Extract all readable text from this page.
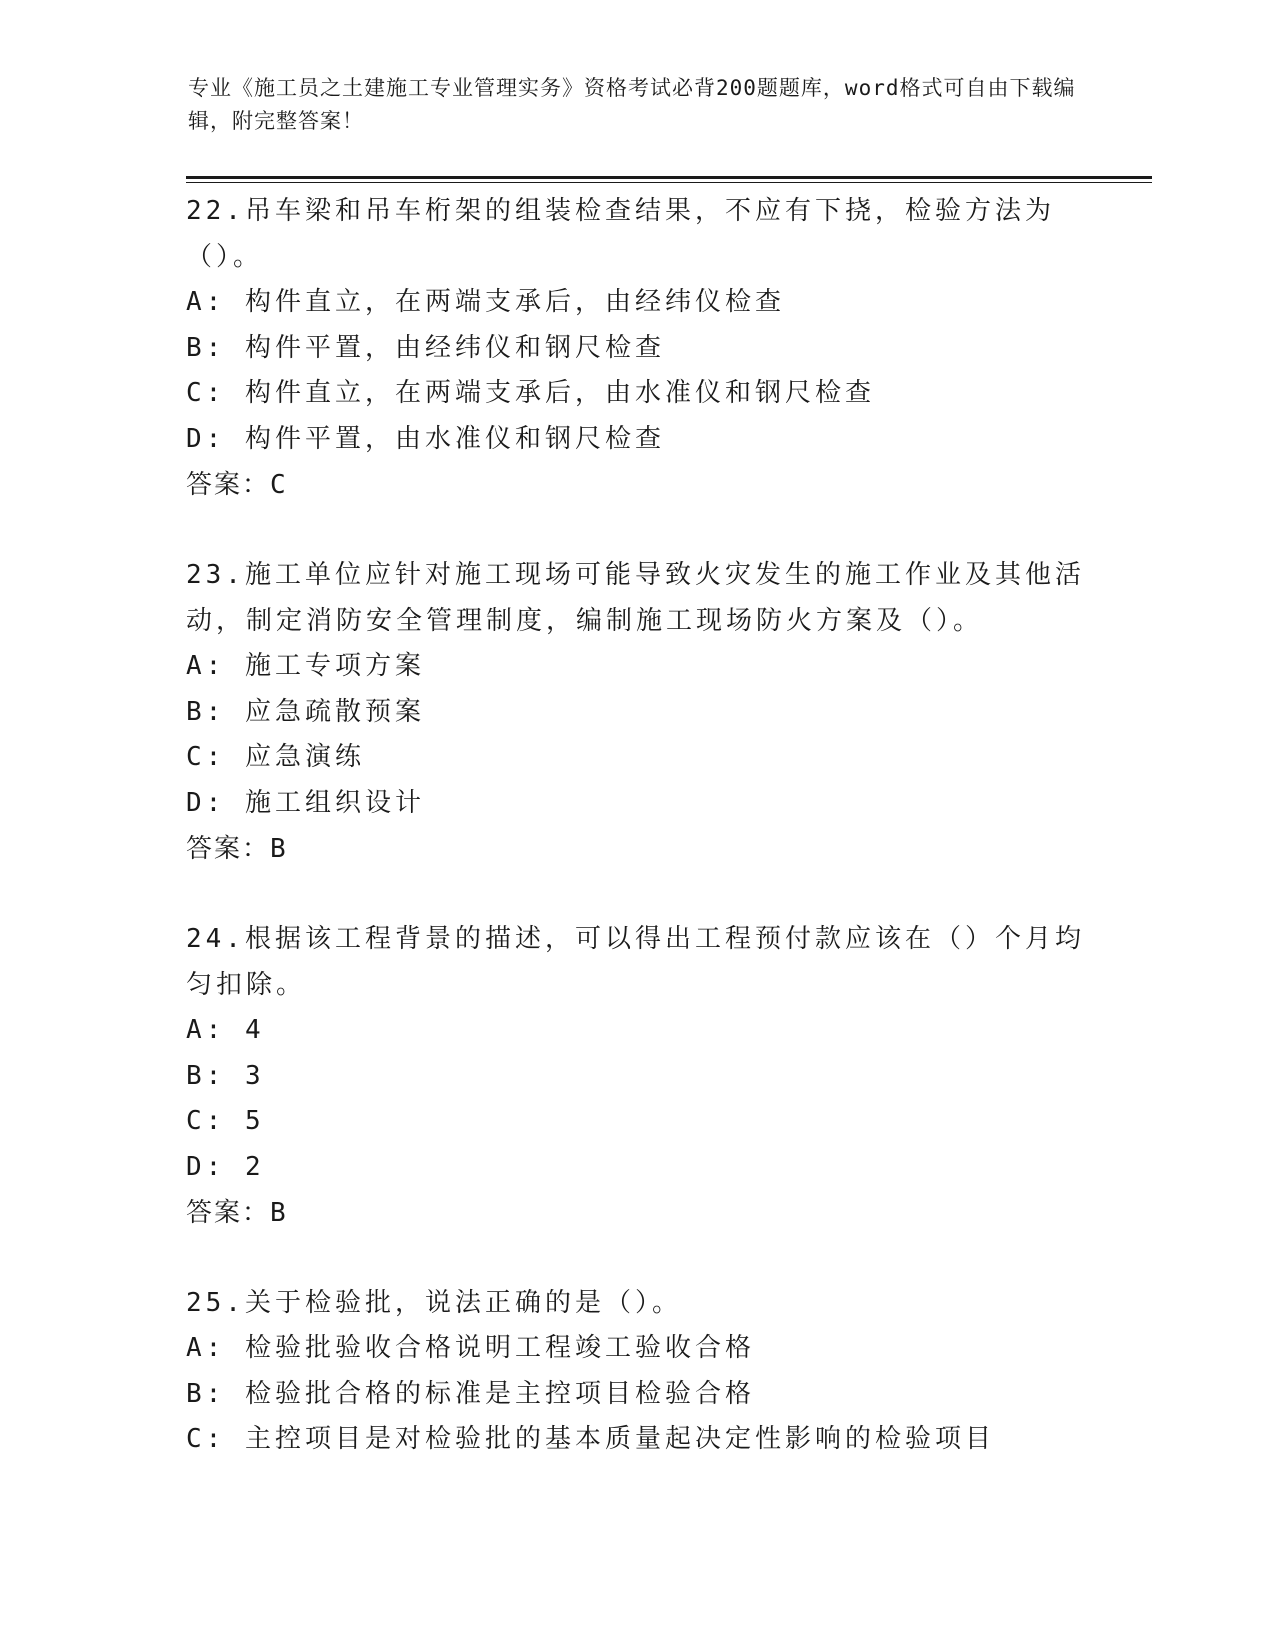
专业《施工员之土建施工专业管理实务》资格考试必背200题题库，word格式可自由下载编辑，附完整答案！

22.吊车梁和吊车桁架的组装检查结果，不应有下挠，检验方法为（）。

A: 构件直立，在两端支承后，由经纬仪检查

B: 构件平置，由经纬仪和钢尺检查

C: 构件直立，在两端支承后，由水准仪和钢尺检查

D: 构件平置，由水准仪和钢尺检查

答案：C

23.施工单位应针对施工现场可能导致火灾发生的施工作业及其他活动，制定消防安全管理制度，编制施工现场防火方案及（）。

A: 施工专项方案

B: 应急疏散预案

C: 应急演练

D: 施工组织设计

答案：B

24.根据该工程背景的描述，可以得出工程预付款应该在（）个月均匀扣除。

A: 4

B: 3

C: 5

D: 2

答案：B

25.关于检验批，说法正确的是（）。

A: 检验批验收合格说明工程竣工验收合格

B: 检验批合格的标准是主控项目检验合格

C: 主控项目是对检验批的基本质量起决定性影响的检验项目
